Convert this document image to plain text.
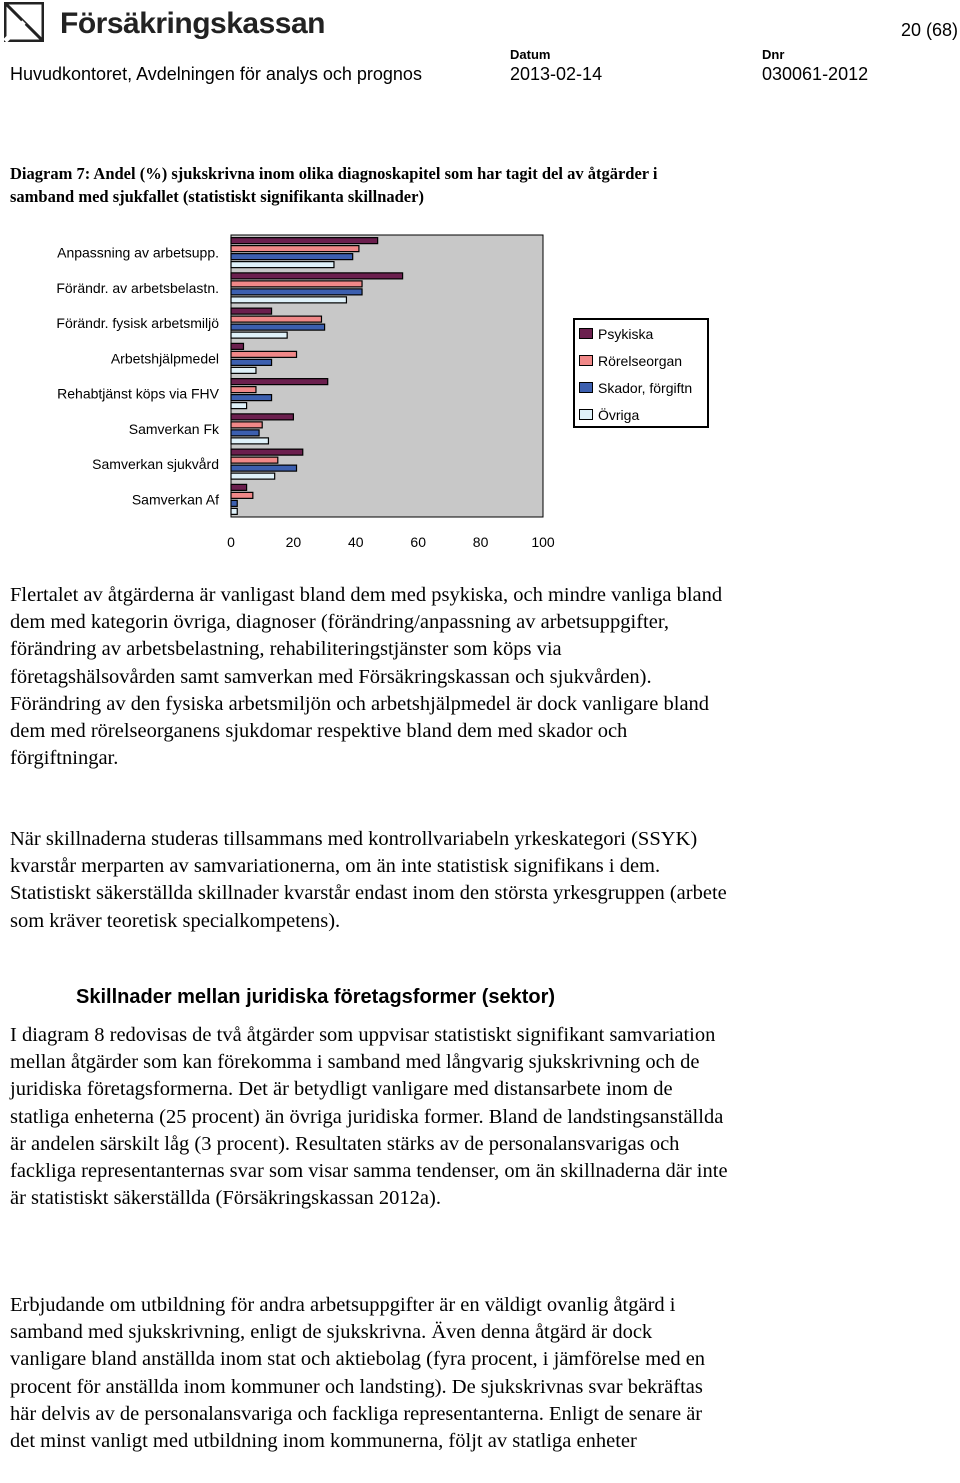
Försäkringskassan	20 (68)
Huvudkontoret, Avdelningen för analys och prognos
Datum
2013-02-14
Dnr
030061-2012
Diagram 7: Andel (%) sjukskrivna inom olika diagnoskapitel som har tagit del av åtgärder i samband med sjukfallet (statistiskt signifikanta skillnader)
Anpassning av arbetsupp.
Förändr. av arbetsbelastn.
Förändr. fysisk arbetsmiljö
Arbetshjälpmedel
Rehabtjänst köps via FHV
Samverkan Fk
Samverkan sjukvård
Samverkan Af
0	20	40	60	80	100
Psykiska
Rörelseorgan
Skador, förgiftn
Övriga

Flertalet av åtgärderna är vanligast bland dem med psykiska, och mindre vanliga bland dem med kategorin övriga, diagnoser (förändring/anpassning av arbetsuppgifter, förändring av arbetsbelastning, rehabiliteringstjänster som köps via företagshälsovården samt samverkan med Försäkringskassan och sjukvården). Förändring av den fysiska arbetsmiljön och arbetshjälpmedel är dock vanligare bland dem med rörelseorganens sjukdomar respektive bland dem med skador och förgiftningar.

När skillnaderna studeras tillsammans med kontrollvariabeln yrkeskategori (SSYK) kvarstår merparten av samvariationerna, om än inte statistisk signifikans i dem. Statistiskt säkerställda skillnader kvarstår endast inom den största yrkesgruppen (arbete som kräver teoretisk specialkompetens).

Skillnader mellan juridiska företagsformer (sektor)

I diagram 8 redovisas de två åtgärder som uppvisar statistiskt signifikant samvariation mellan åtgärder som kan förekomma i samband med långvarig sjukskrivning och de juridiska företagsformerna. Det är betydligt vanligare med distansarbete inom de statliga enheterna (25 procent) än övriga juridiska former. Bland de landstingsanställda är andelen särskilt låg (3 procent). Resultaten stärks av de personalansvarigas och fackliga representanternas svar som visar samma tendenser, om än skillnaderna där inte är statistiskt säkerställda (Försäkringskassan 2012a).

Erbjudande om utbildning för andra arbetsuppgifter är en väldigt ovanlig åtgärd i samband med sjukskrivning, enligt de sjukskrivna. Även denna åtgärd är dock vanligare bland anställda inom stat och aktiebolag (fyra procent, i jämförelse med en procent för anställda inom kommuner och landsting). De sjukskrivnas svar bekräftas här delvis av de personalansvariga och fackliga representanterna. Enligt de senare är det minst vanligt med utbildning inom kommunerna, följt av statliga enheter
